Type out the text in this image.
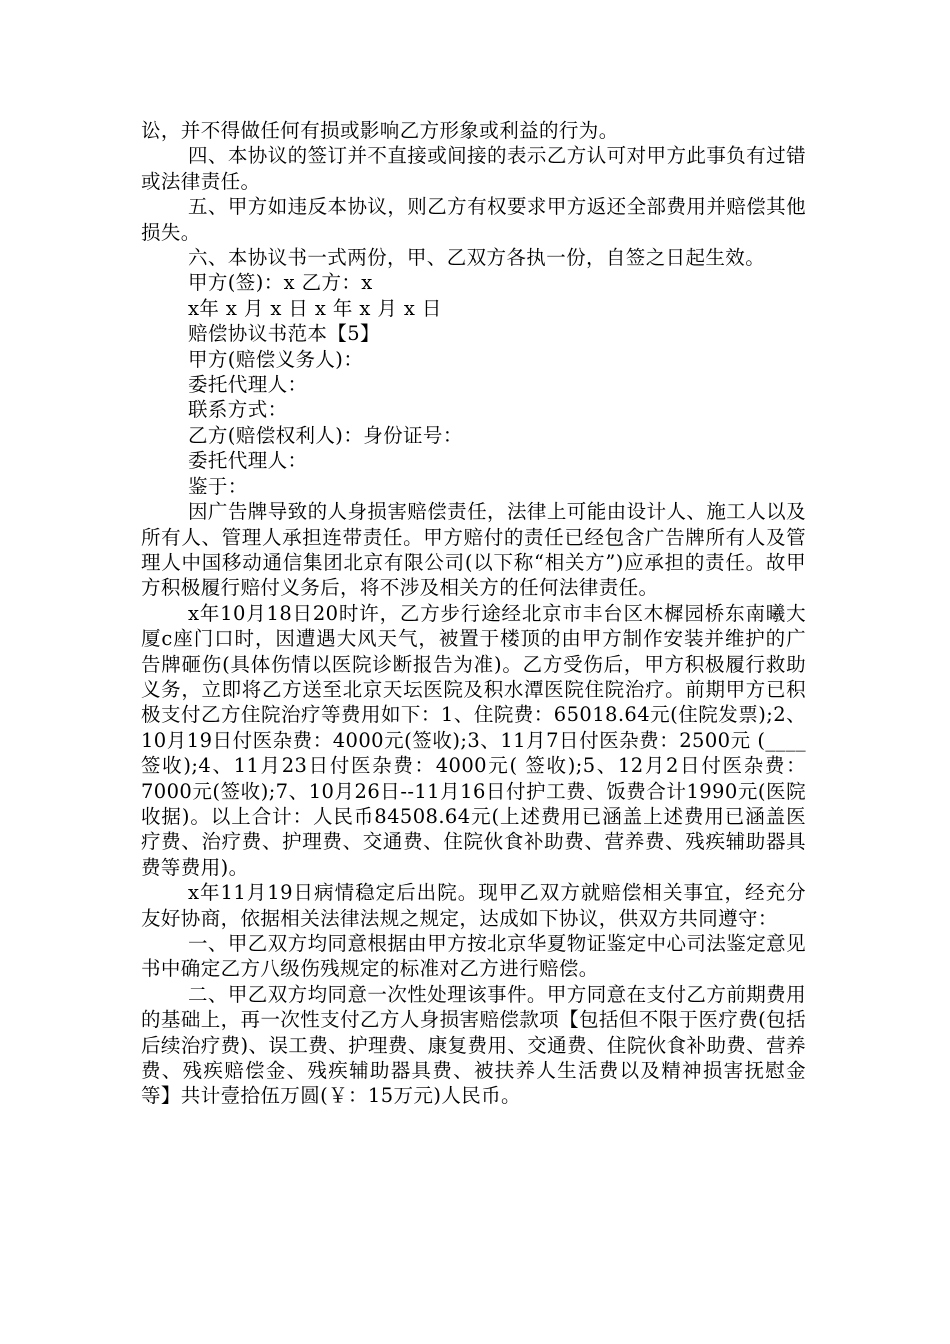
讼，并不得做任何有损或影响乙方形象或利益的行为。

四、本协议的签订并不直接或间接的表示乙方认可对甲方此事负有过错或法律责任。

五、甲方如违反本协议，则乙方有权要求甲方返还全部费用并赔偿其他损失。

六、本协议书一式两份，甲、乙双方各执一份，自签之日起生效。

甲方(签)：x 乙方：x

x年 x 月 x 日 x 年 x 月 x 日

赔偿协议书范本【5】

甲方(赔偿义务人)：

委托代理人：

联系方式：

乙方(赔偿权利人)：身份证号：

委托代理人：

鉴于：

因广告牌导致的人身损害赔偿责任，法律上可能由设计人、施工人以及所有人、管理人承担连带责任。甲方赔付的责任已经包含广告牌所有人及管理人中国移动通信集团北京有限公司(以下称“相关方”)应承担的责任。故甲方积极履行赔付义务后，将不涉及相关方的任何法律责任。

x年10月18日20时许，乙方步行途经北京市丰台区木樨园桥东南曦大厦c座门口时，因遭遇大风天气，被置于楼顶的由甲方制作安装并维护的广告牌砸伤(具体伤情以医院诊断报告为准)。乙方受伤后，甲方积极履行救助义务，立即将乙方送至北京天坛医院及积水潭医院住院治疗。前期甲方已积极支付乙方住院治疗等费用如下：1、住院费：65018.64元(住院发票);2、10月19日付医杂费：4000元(签收);3、11月7日付医杂费：2500元 (____签收);4、11月23日付医杂费：4000元( 签收);5、12月2日付医杂费：7000元(签收);7、10月26日--11月16日付护工费、饭费合计1990元(医院收据)。以上合计：人民币84508.64元(上述费用已涵盖上述费用已涵盖医疗费、治疗费、护理费、交通费、住院伙食补助费、营养费、残疾辅助器具费等费用)。

x年11月19日病情稳定后出院。现甲乙双方就赔偿相关事宜，经充分友好协商，依据相关法律法规之规定，达成如下协议，供双方共同遵守：

一、甲乙双方均同意根据由甲方按北京华夏物证鉴定中心司法鉴定意见书中确定乙方八级伤残规定的标准对乙方进行赔偿。

二、甲乙双方均同意一次性处理该事件。甲方同意在支付乙方前期费用的基础上，再一次性支付乙方人身损害赔偿款项【包括但不限于医疗费(包括后续治疗费)、误工费、护理费、康复费用、交通费、住院伙食补助费、营养费、残疾赔偿金、残疾辅助器具费、被扶养人生活费以及精神损害抚慰金等】共计壹拾伍万圆(￥：15万元)人民币。
